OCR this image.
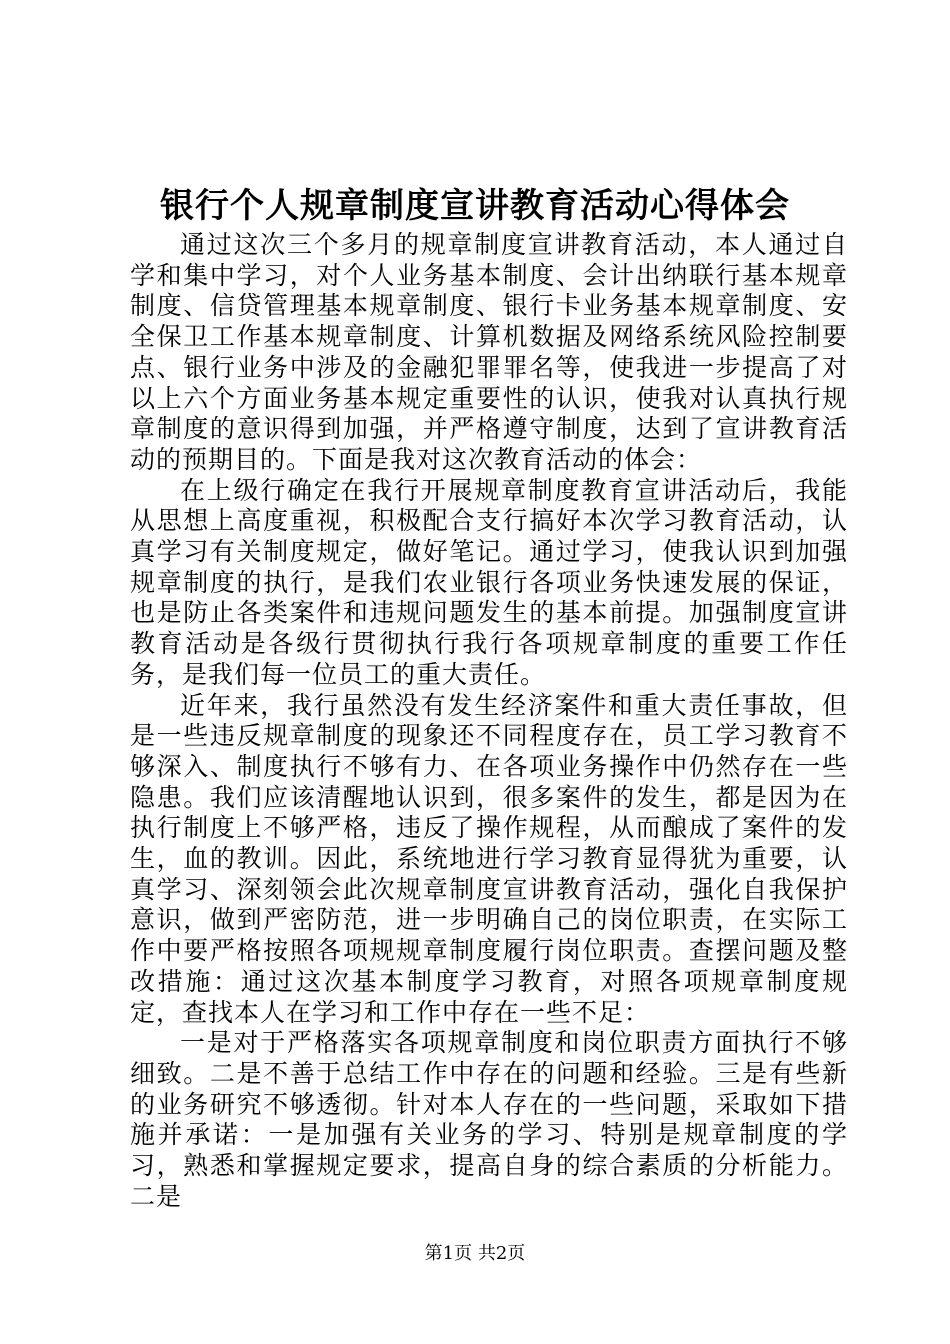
银行个人规章制度宣讲教育活动心得体会

通过这次三个多月的规章制度宣讲教育活动，本人通过自学和集中学习，对个人业务基本制度、会计出纳联行基本规章制度、信贷管理基本规章制度、银行卡业务基本规章制度、安全保卫工作基本规章制度、计算机数据及网络系统风险控制要点、银行业务中涉及的金融犯罪罪名等，使我进一步提高了对以上六个方面业务基本规定重要性的认识，使我对认真执行规章制度的意识得到加强，并严格遵守制度，达到了宣讲教育活动的预期目的。下面是我对这次教育活动的体会：

在上级行确定在我行开展规章制度教育宣讲活动后，我能从思想上高度重视，积极配合支行搞好本次学习教育活动，认真学习有关制度规定，做好笔记。通过学习，使我认识到加强规章制度的执行，是我们农业银行各项业务快速发展的保证，也是防止各类案件和违规问题发生的基本前提。加强制度宣讲教育活动是各级行贯彻执行我行各项规章制度的重要工作任务，是我们每一位员工的重大责任。

近年来，我行虽然没有发生经济案件和重大责任事故，但是一些违反规章制度的现象还不同程度存在，员工学习教育不够深入、制度执行不够有力、在各项业务操作中仍然存在一些隐患。我们应该清醒地认识到，很多案件的发生，都是因为在执行制度上不够严格，违反了操作规程，从而酿成了案件的发生，血的教训。因此，系统地进行学习教育显得犹为重要，认真学习、深刻领会此次规章制度宣讲教育活动，强化自我保护意识，做到严密防范，进一步明确自己的岗位职责，在实际工作中要严格按照各项规规章制度履行岗位职责。查摆问题及整改措施：通过这次基本制度学习教育，对照各项规章制度规定，查找本人在学习和工作中存在一些不足：

一是对于严格落实各项规章制度和岗位职责方面执行不够细致。二是不善于总结工作中存在的问题和经验。三是有些新的业务研究不够透彻。针对本人存在的一些问题，采取如下措施并承诺：一是加强有关业务的学习、特别是规章制度的学习，熟悉和掌握规定要求，提高自身的综合素质的分析能力。二是

第1页 共2页
